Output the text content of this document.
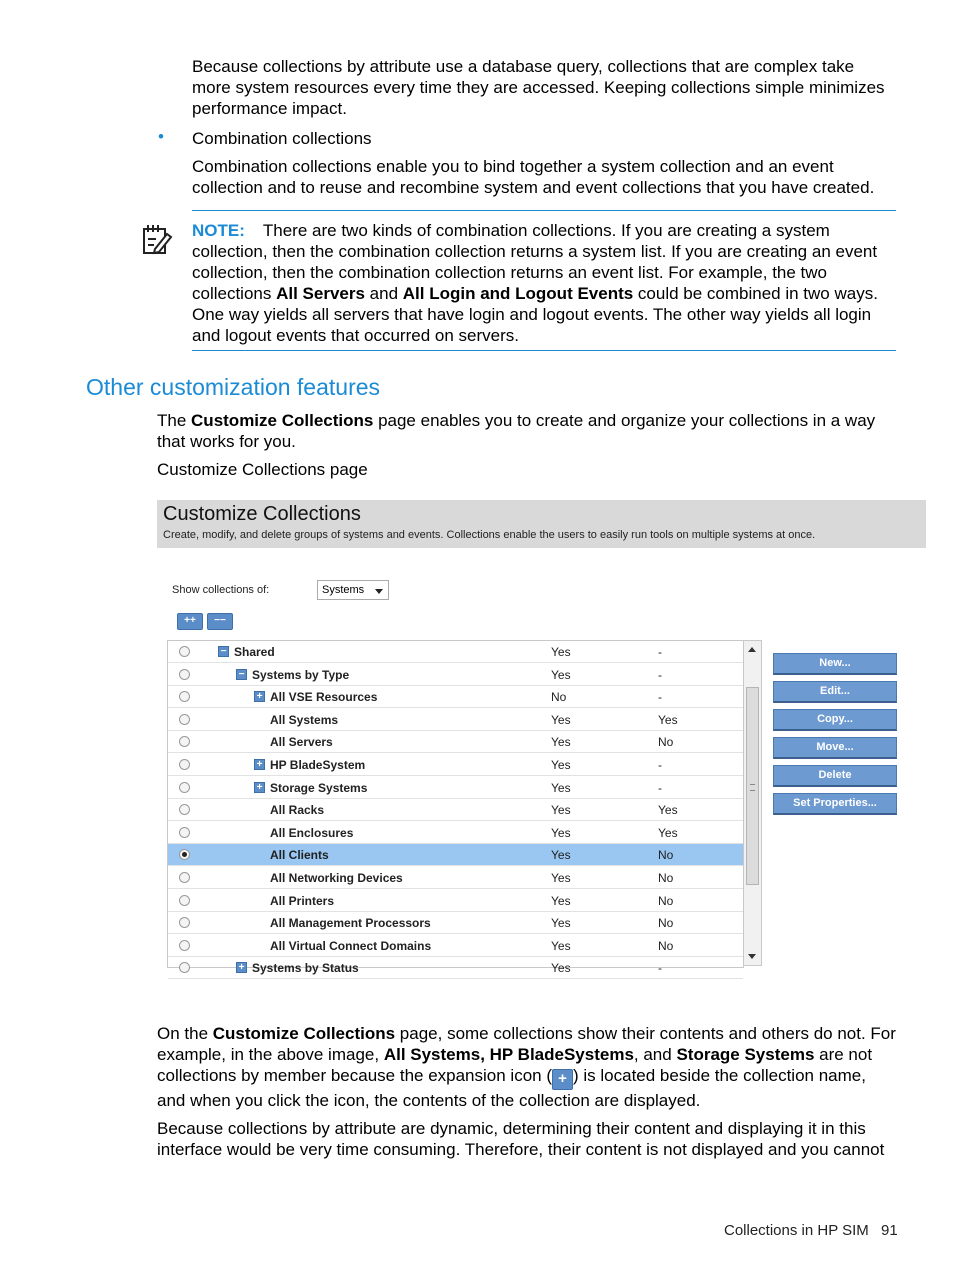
Because collections by attribute use a database query, collections that are complex take more system resources every time they are accessed. Keeping collections simple minimizes performance impact.

• Combination collections

Combination collections enable you to bind together a system collection and an event collection and to reuse and recombine system and event collections that you have created.

NOTE: There are two kinds of combination collections. If you are creating a system collection, then the combination collection returns a system list. If you are creating an event collection, then the combination collection returns an event list. For example, the two collections All Servers and All Login and Logout Events could be combined in two ways. One way yields all servers that have login and logout events. The other way yields all login and logout events that occurred on servers.

Other customization features

The Customize Collections page enables you to create and organize your collections in a way that works for you.

Customize Collections page

Customize Collections
Create, modify, and delete groups of systems and events. Collections enable the users to easily run tools on multiple systems at once.
Show collections of:	Systems
++	−−
− Shared	Yes	-
− Systems by Type	Yes	-
+ All VSE Resources	No	-
All Systems	Yes	Yes
All Servers	Yes	No
+ HP BladeSystem	Yes	-
+ Storage Systems	Yes	-
All Racks	Yes	Yes
All Enclosures	Yes	Yes
All Clients	Yes	No
All Networking Devices	Yes	No
All Printers	Yes	No
All Management Processors	Yes	No
All Virtual Connect Domains	Yes	No
+ Systems by Status	Yes	-
New...
Edit...
Copy...
Move...
Delete
Set Properties...

On the Customize Collections page, some collections show their contents and others do not. For example, in the above image, All Systems, HP BladeSystems, and Storage Systems are not collections by member because the expansion icon ( + ) is located beside the collection name, and when you click the icon, the contents of the collection are displayed.

Because collections by attribute are dynamic, determining their content and displaying it in this interface would be very time consuming. Therefore, their content is not displayed and you cannot

Collections in HP SIM 91
